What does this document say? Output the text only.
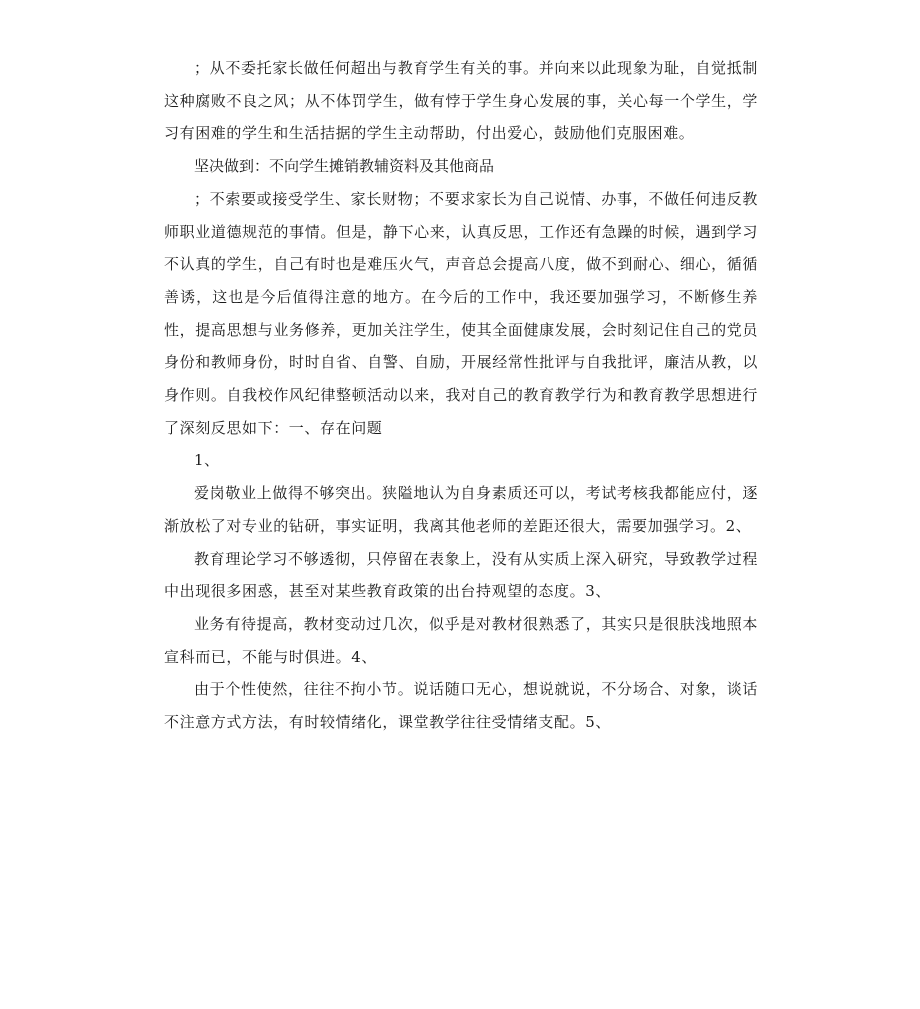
；从不委托家长做任何超出与教育学生有关的事。并向来以此现象为耻，自觉抵制这种腐败不良之风；从不体罚学生，做有悖于学生身心发展的事，关心每一个学生，学习有困难的学生和生活拮据的学生主动帮助，付出爱心，鼓励他们克服困难。

坚决做到：不向学生摊销教辅资料及其他商品

；不索要或接受学生、家长财物；不要求家长为自己说情、办事，不做任何违反教师职业道德规范的事情。但是，静下心来，认真反思，工作还有急躁的时候，遇到学习不认真的学生，自己有时也是难压火气，声音总会提高八度，做不到耐心、细心，循循善诱，这也是今后值得注意的地方。在今后的工作中，我还要加强学习，不断修生养性，提高思想与业务修养，更加关注学生，使其全面健康发展，会时刻记住自己的党员身份和教师身份，时时自省、自警、自励，开展经常性批评与自我批评，廉洁从教，以身作则。自我校作风纪律整顿活动以来，我对自己的教育教学行为和教育教学思想进行了深刻反思如下：一、存在问题

1、

爱岗敬业上做得不够突出。狭隘地认为自身素质还可以，考试考核我都能应付，逐渐放松了对专业的钻研，事实证明，我离其他老师的差距还很大，需要加强学习。2、

教育理论学习不够透彻，只停留在表象上，没有从实质上深入研究，导致教学过程中出现很多困惑，甚至对某些教育政策的出台持观望的态度。3、

业务有待提高，教材变动过几次，似乎是对教材很熟悉了，其实只是很肤浅地照本宣科而已，不能与时俱进。4、

由于个性使然，往往不拘小节。说话随口无心，想说就说，不分场合、对象，谈话不注意方式方法，有时较情绪化，课堂教学往往受情绪支配。5、
